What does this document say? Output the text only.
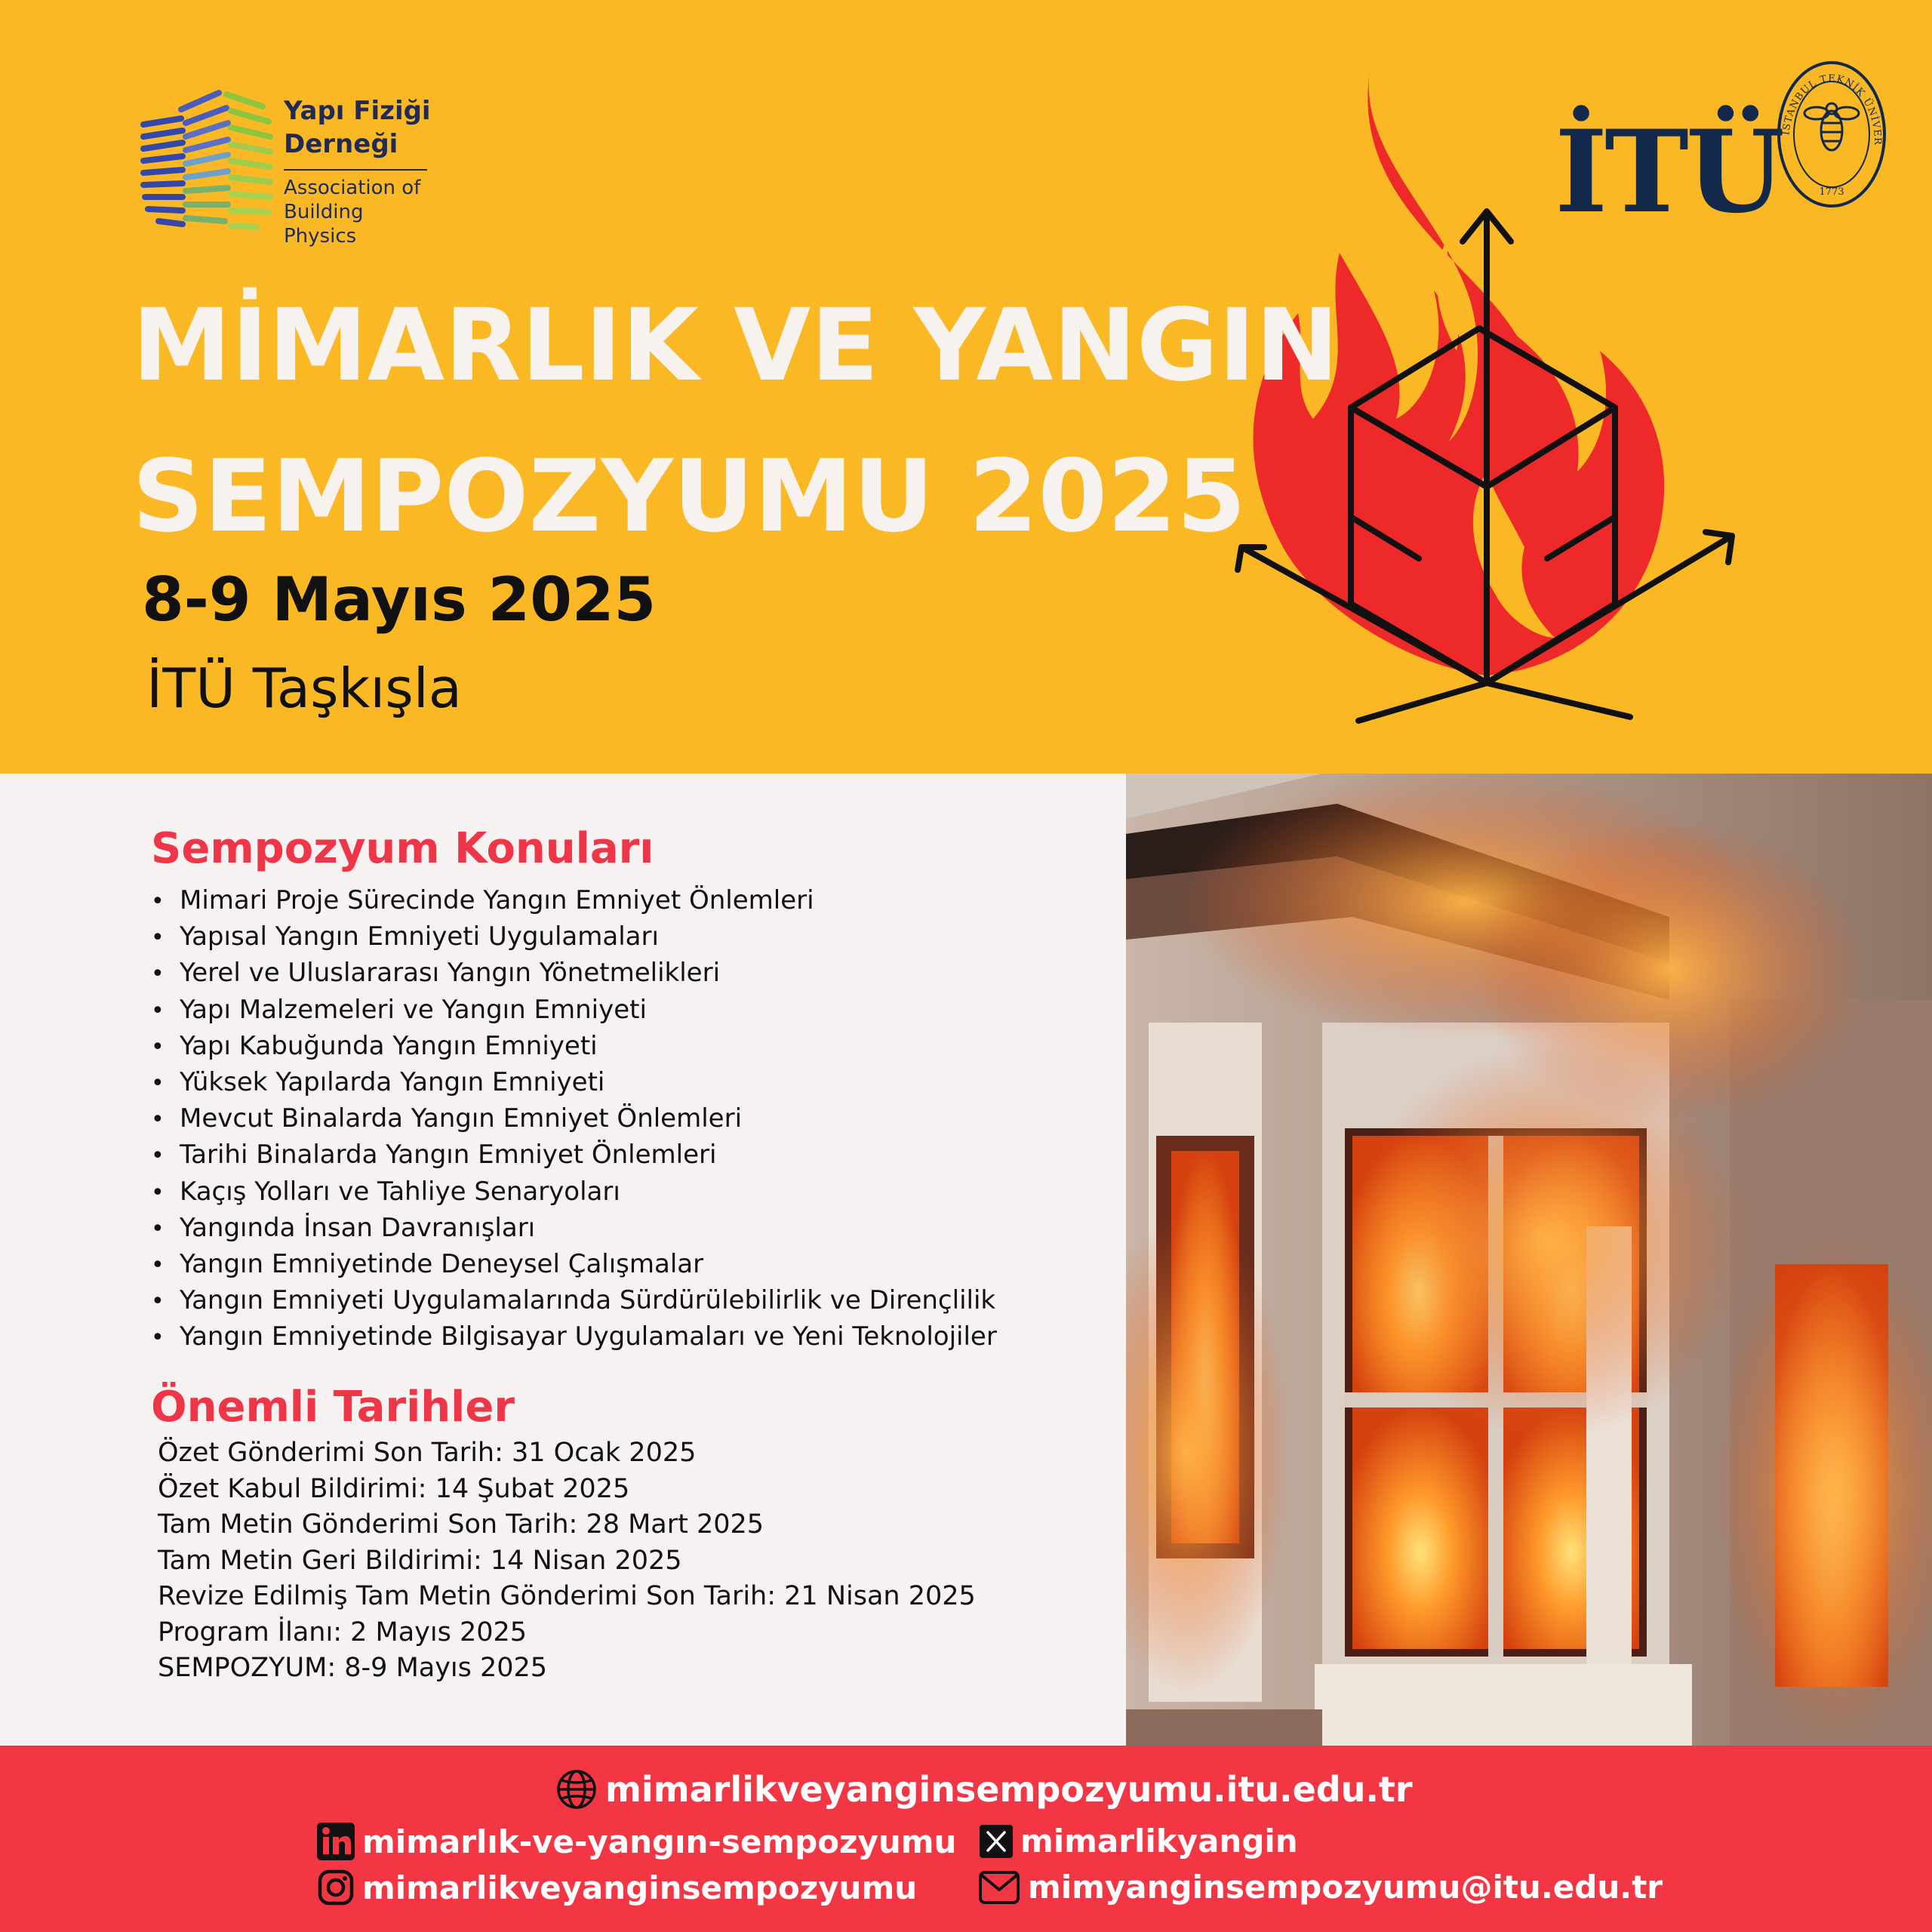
Yapı Fiziği
Derneği
Association of
Building Physics	İTÜ
İSTANBUL TEKNİK ÜNİVER
1773
MİMARLIK VE YANGIN
SEMPOZYUMU 2025
8-9 Mayıs 2025
İTÜ Taşkışla
Sempozyum Konuları
• Mimari Proje Sürecinde Yangın Emniyet Önlemleri
• Yapısal Yangın Emniyeti Uygulamaları
• Yerel ve Uluslararası Yangın Yönetmelikleri
• Yapı Malzemeleri ve Yangın Emniyeti
• Yapı Kabuğunda Yangın Emniyeti
• Yüksek Yapılarda Yangın Emniyeti
• Mevcut Binalarda Yangın Emniyet Önlemleri
• Tarihi Binalarda Yangın Emniyet Önlemleri
• Kaçış Yolları ve Tahliye Senaryoları
• Yangında İnsan Davranışları
• Yangın Emniyetinde Deneysel Çalışmalar
• Yangın Emniyeti Uygulamalarında Sürdürülebilirlik ve Dirençlilik
• Yangın Emniyetinde Bilgisayar Uygulamaları ve Yeni Teknolojiler
Önemli Tarihler
Özet Gönderimi Son Tarih: 31 Ocak 2025
Özet Kabul Bildirimi: 14 Şubat 2025
Tam Metin Gönderimi Son Tarih: 28 Mart 2025
Tam Metin Geri Bildirimi: 14 Nisan 2025
Revize Edilmiş Tam Metin Gönderimi Son Tarih: 21 Nisan 2025
Program İlanı: 2 Mayıs 2025
SEMPOZYUM: 8-9 Mayıs 2025
mimarlikveyanginsempozyumu.itu.edu.tr
mimarlık-ve-yangın-sempozyumu mimarlikyangin
mimarlikveyanginsempozyumu	mimyanginsempozyumu@itu.edu.tr
